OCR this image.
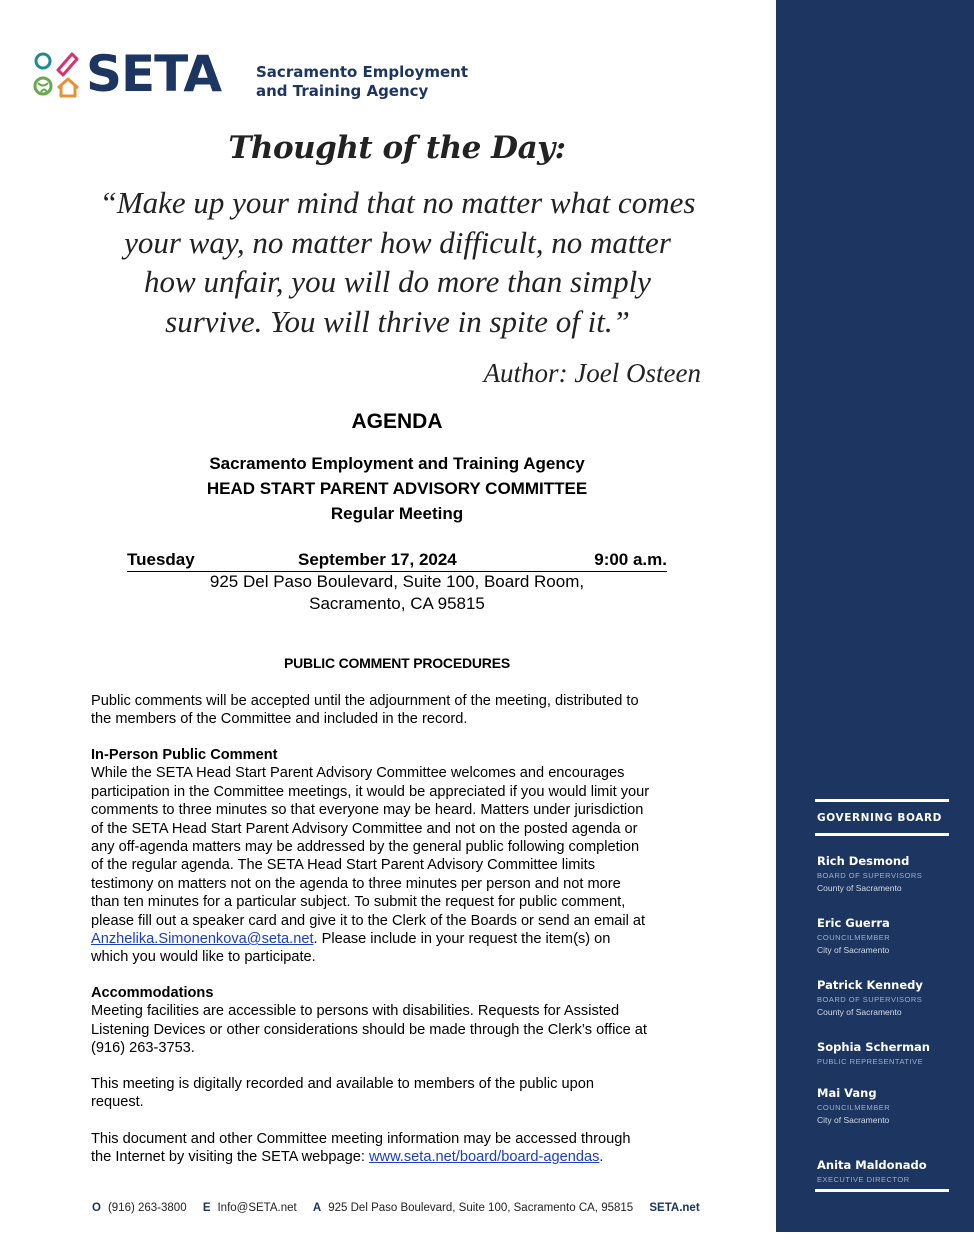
SETA Sacramento Employment
and Training Agency
Thought of the Day:
“Make up your mind that no matter what comes
your way, no matter how difficult, no matter
how unfair, you will do more than simply
survive. You will thrive in spite of it.”
Author: Joel Osteen
AGENDA
Sacramento Employment and Training Agency
HEAD START PARENT ADVISORY COMMITTEE
Regular Meeting
Tuesday	September 17, 2024	9:00 a.m.
925 Del Paso Boulevard, Suite 100, Board Room,
Sacramento, CA 95815
PUBLIC COMMENT PROCEDURES
Public comments will be accepted until the adjournment of the meeting, distributed to
the members of the Committee and included in the record.
In-Person Public Comment
While the SETA Head Start Parent Advisory Committee welcomes and encourages
participation in the Committee meetings, it would be appreciated if you would limit your
comments to three minutes so that everyone may be heard. Matters under jurisdiction
of the SETA Head Start Parent Advisory Committee and not on the posted agenda or
any off-agenda matters may be addressed by the general public following completion
of the regular agenda. The SETA Head Start Parent Advisory Committee limits
testimony on matters not on the agenda to three minutes per person and not more
than ten minutes for a particular subject. To submit the request for public comment,
please fill out a speaker card and give it to the Clerk of the Boards or send an email at
Anzhelika.Simonenkova@seta.net. Please include in your request the item(s) on
which you would like to participate.
Accommodations
Meeting facilities are accessible to persons with disabilities. Requests for Assisted
Listening Devices or other considerations should be made through the Clerk’s office at
(916) 263-3753.
This meeting is digitally recorded and available to members of the public upon
request.
This document and other Committee meeting information may be accessed through
the Internet by visiting the SETA webpage: www.seta.net/board/board-agendas.
O (916) 263-3800 E Info@SETA.net A 925 Del Paso Boulevard, Suite 100, Sacramento CA, 95815 SETA.net
GOVERNING BOARD
Rich Desmond
BOARD OF SUPERVISORS
County of Sacramento
Eric Guerra
COUNCILMEMBER
City of Sacramento
Patrick Kennedy
BOARD OF SUPERVISORS
County of Sacramento
Sophia Scherman
PUBLIC REPRESENTATIVE
Mai Vang
COUNCILMEMBER
City of Sacramento
Anita Maldonado
EXECUTIVE DIRECTOR
